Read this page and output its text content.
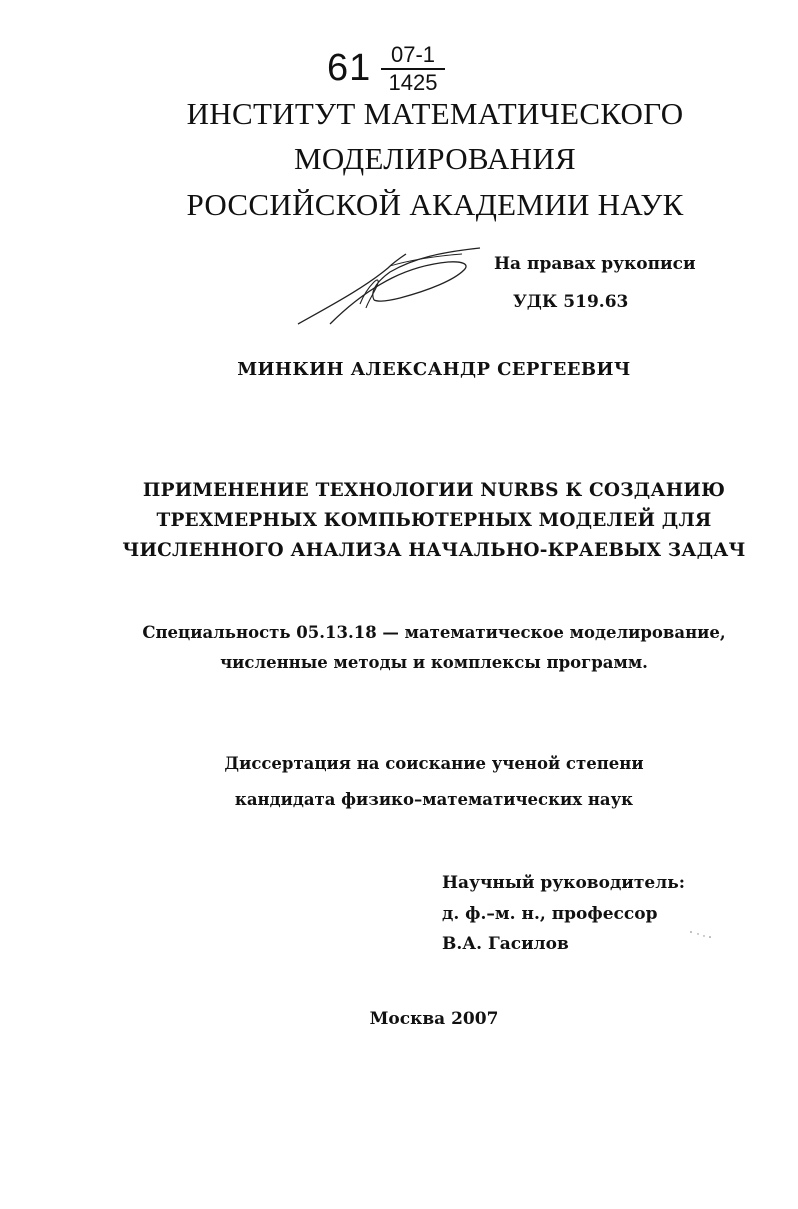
$61 \frac{07-1}{1425}$
ИНСТИТУТ МАТЕМАТИЧЕСКОГО
МОДЕЛИРОВАНИЯ
РОССИЙСКОЙ АКАДЕМИИ НАУК
На правах рукописи
УДК 519.63
МИНКИН АЛЕКСАНДР СЕРГЕЕВИЧ
ПРИМЕНЕНИЕ ТЕХНОЛОГИИ NURBS К СОЗДАНИЮ
ТРЕХМЕРНЫХ КОМПЬЮТЕРНЫХ МОДЕЛЕЙ ДЛЯ
ЧИСЛЕННОГО АНАЛИЗА НАЧАЛЬНО-КРАЕВЫХ ЗАДАЧ
Специальность 05.13.18 — математическое моделирование,
численные методы и комплексы программ.
Диссертация на соискание ученой степени
кандидата физико–математических наук
Научный руководитель:
д. ф.–м. н., профессор
В.А. Гасилов
Москва 2007
